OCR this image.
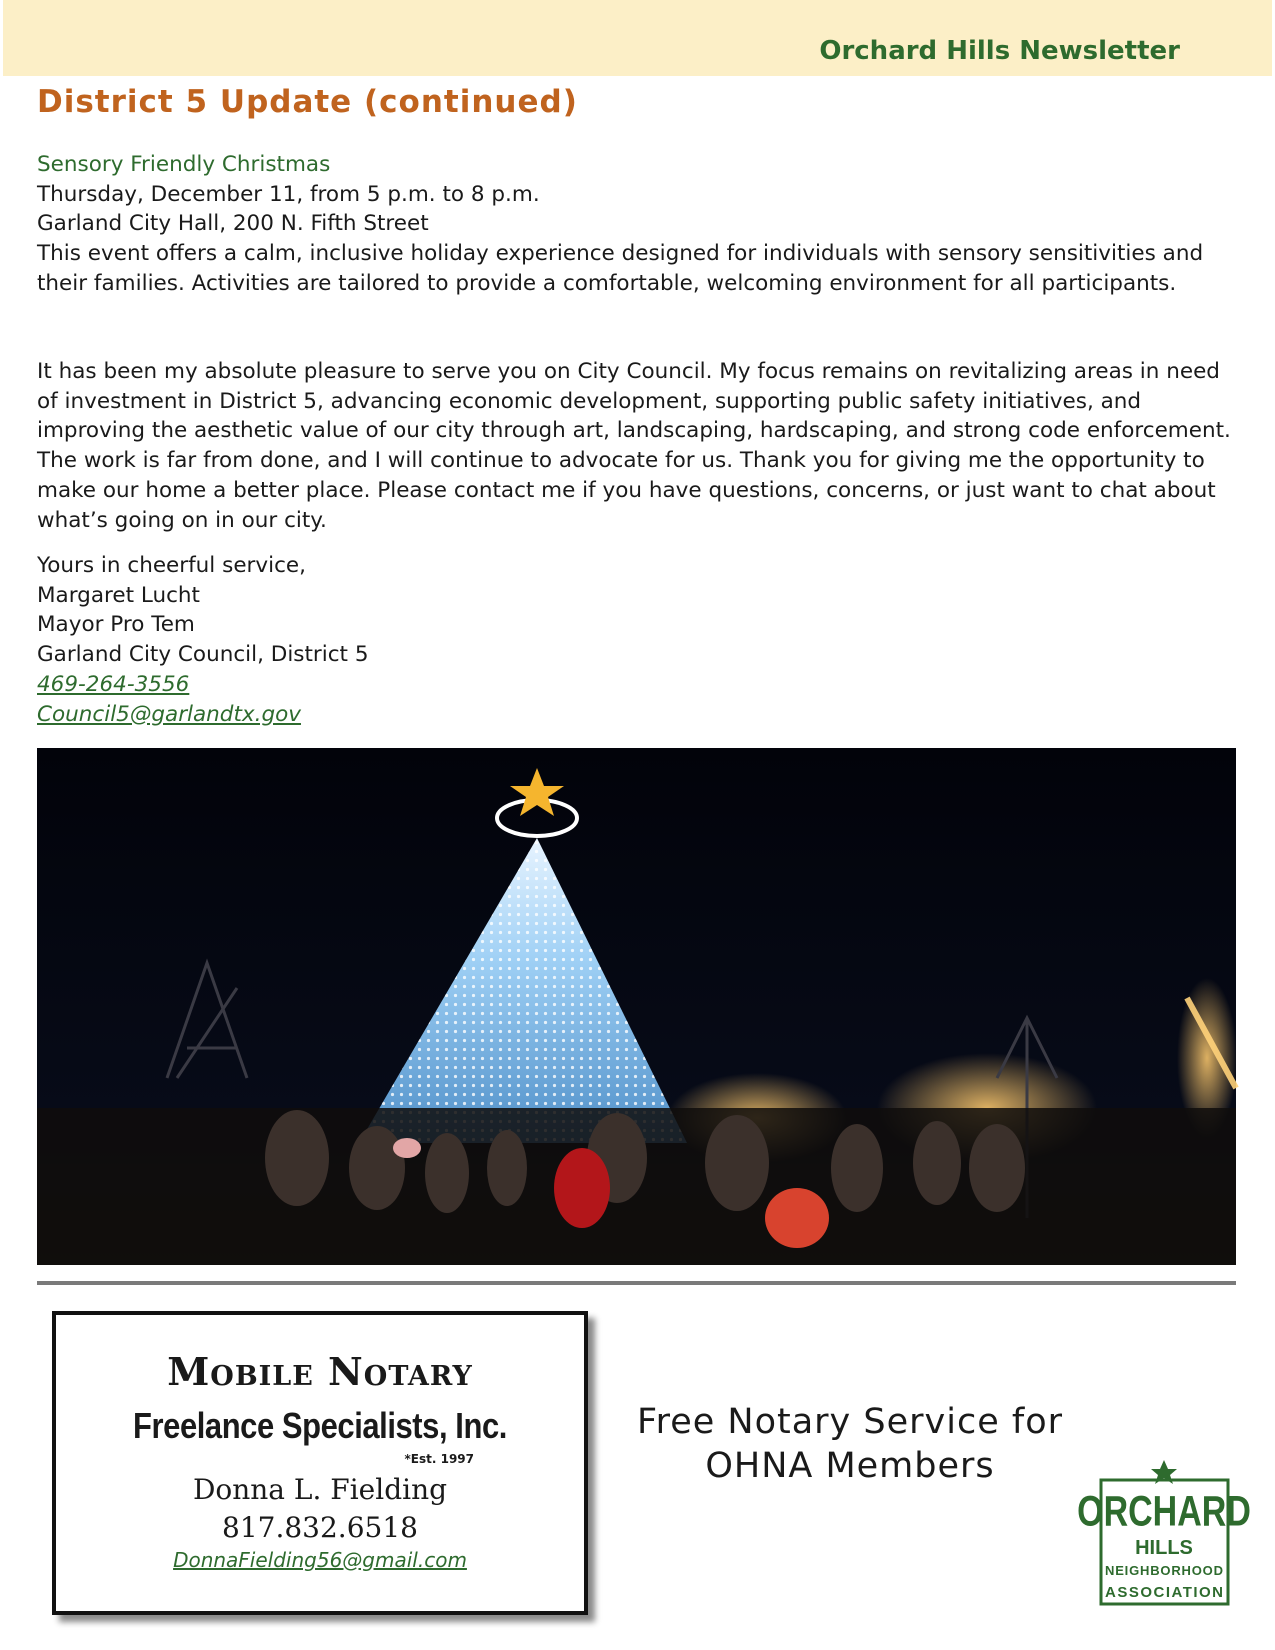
Orchard Hills Newsletter
District 5 Update (continued)
Sensory Friendly Christmas
Thursday, December 11, from 5 p.m. to 8 p.m.
Garland City Hall, 200 N. Fifth Street
This event offers a calm, inclusive holiday experience designed for individuals with sensory sensitivities and their families. Activities are tailored to provide a comfortable, welcoming environment for all participants.
It has been my absolute pleasure to serve you on City Council. My focus remains on revitalizing areas in need of investment in District 5, advancing economic development, supporting public safety initiatives, and improving the aesthetic value of our city through art, landscaping, hardscaping, and strong code enforcement. The work is far from done, and I will continue to advocate for us. Thank you for giving me the opportunity to make our home a better place. Please contact me if you have questions, concerns, or just want to chat about what’s going on in our city.
Yours in cheerful service,
Margaret Lucht
Mayor Pro Tem
Garland City Council, District 5
469-264-3556
Council5@garlandtx.gov
Mobile Notary
Freelance Specialists, Inc.
*Est. 1997
Donna L. Fielding
817.832.6518
DonnaFielding56@gmail.com
Free Notary Service for
OHNA Members
ORCHARD
HILLS
NEIGHBORHOOD
ASSOCIATION
